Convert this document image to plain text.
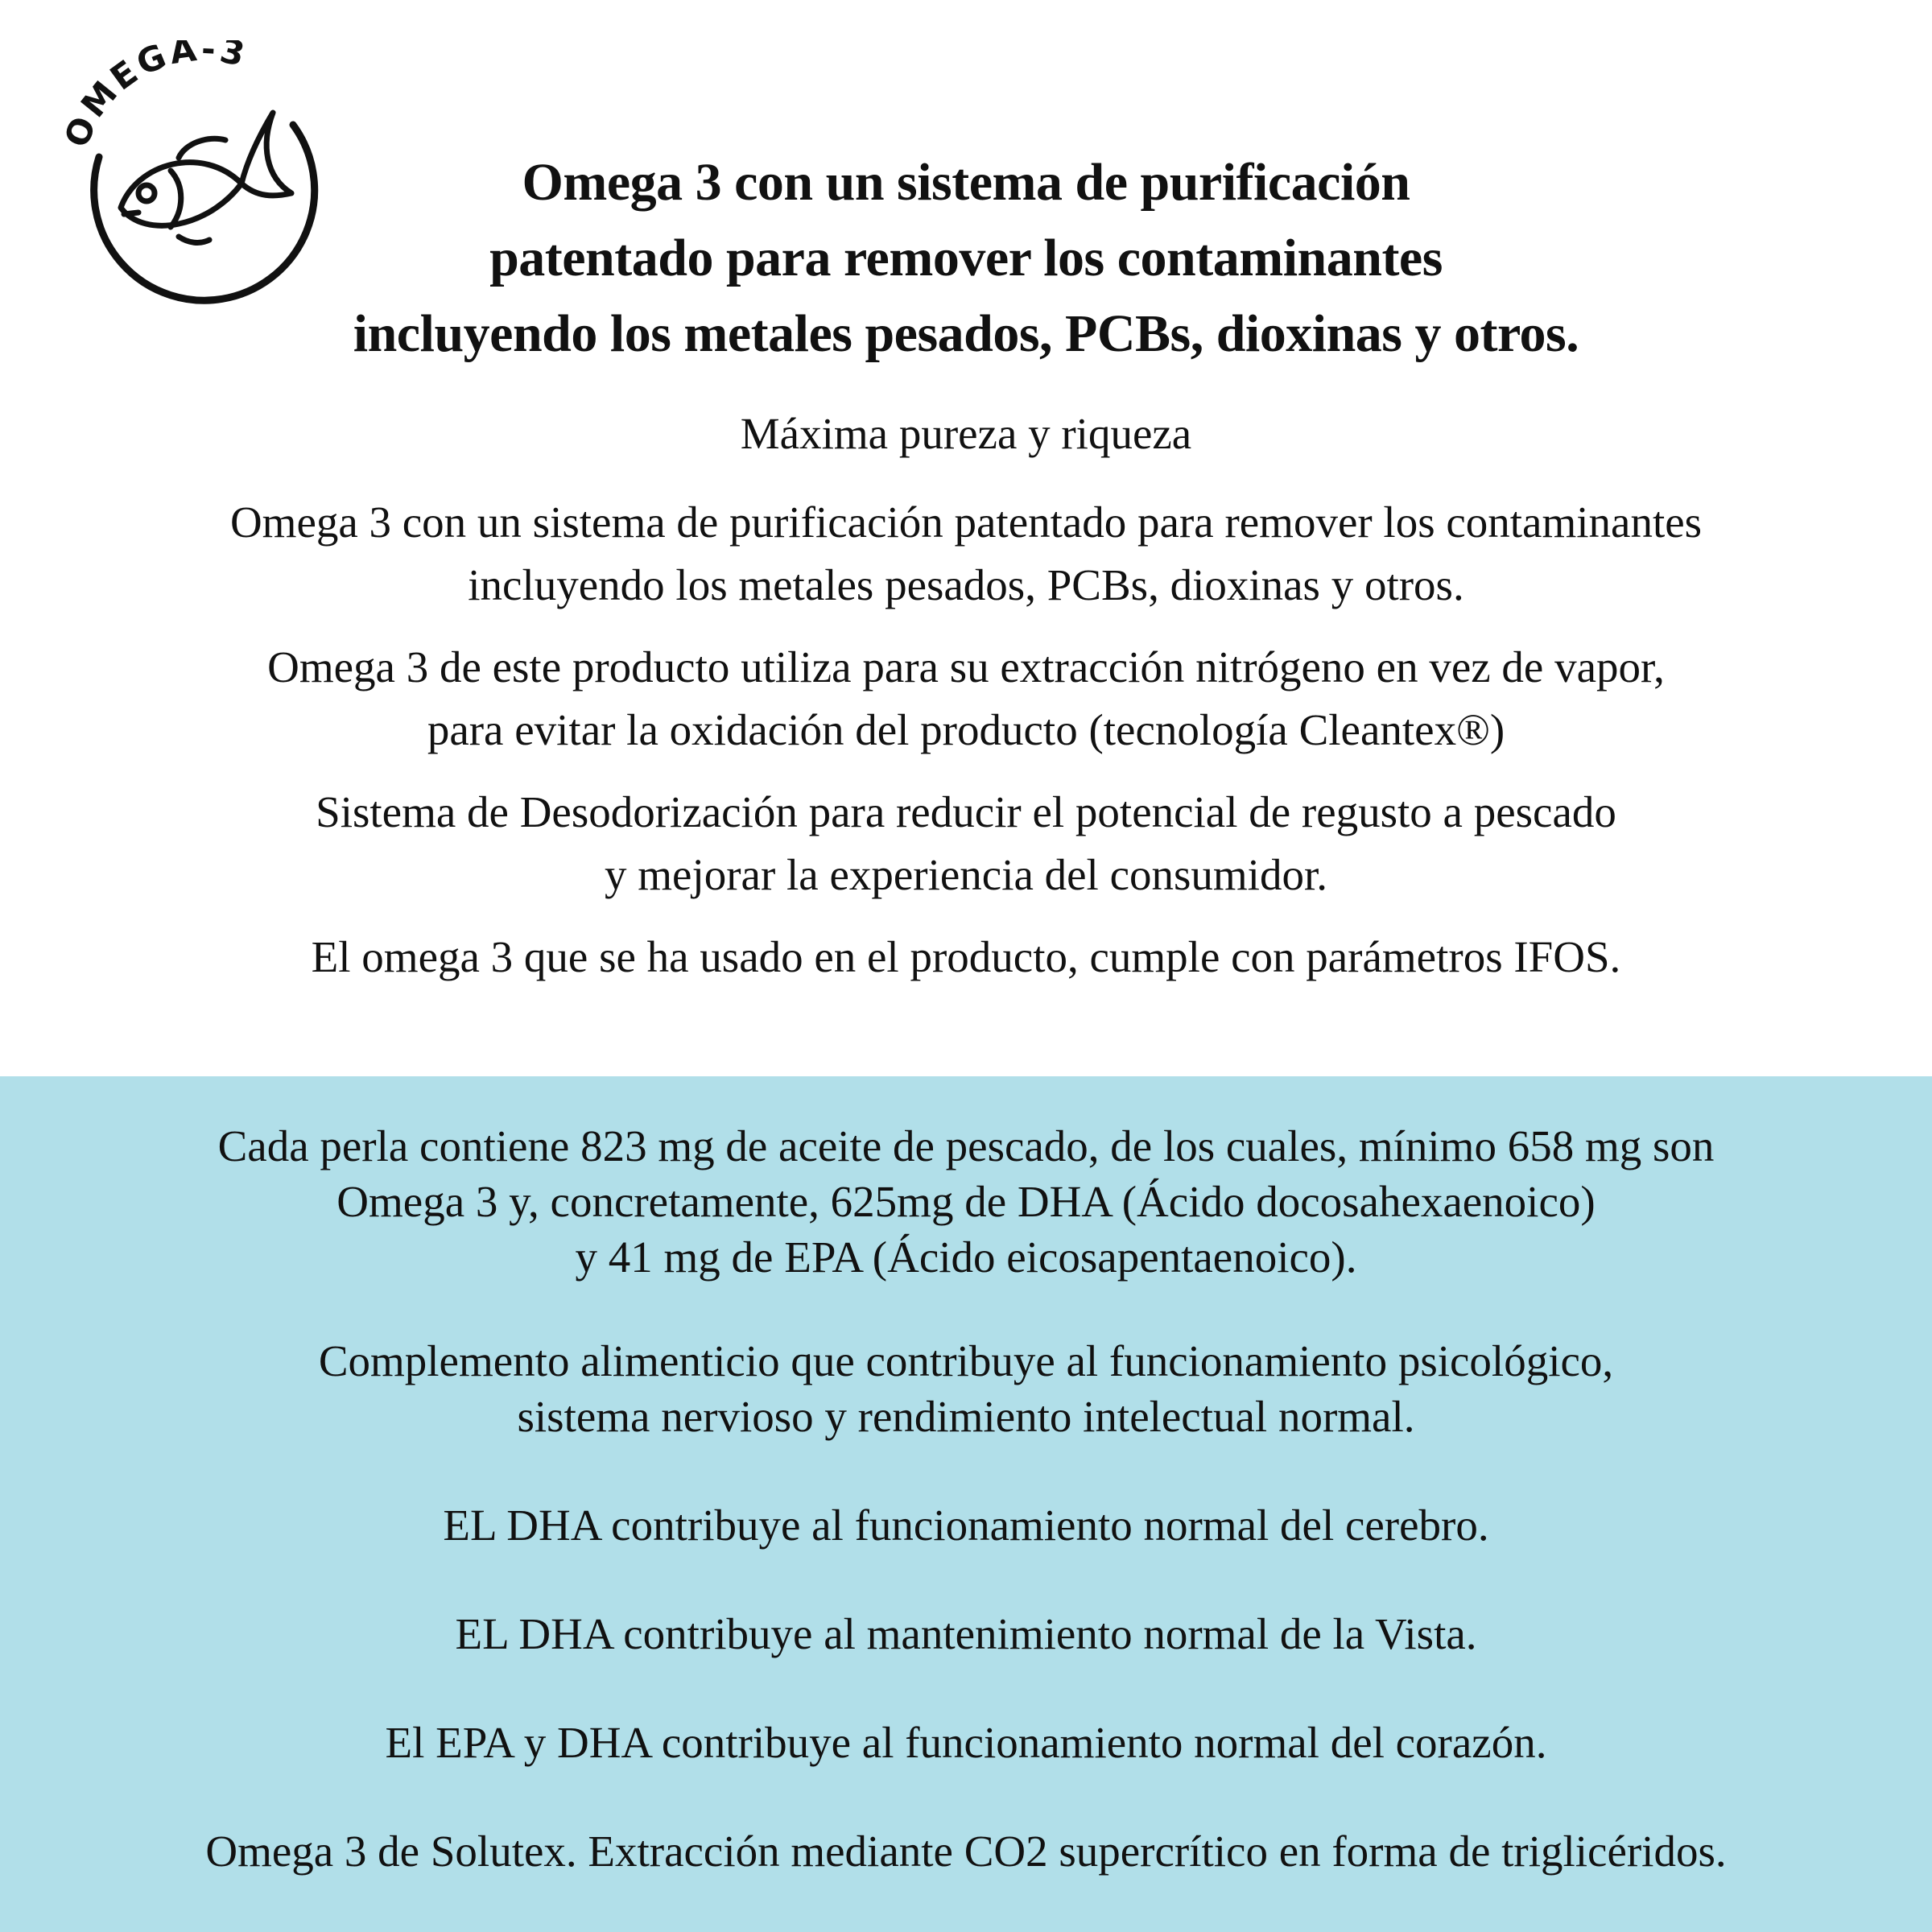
OMEGA-3
Omega 3 con un sistema de purificación
patentado para remover los contaminantes
incluyendo los metales pesados, PCBs, dioxinas y otros.
Máxima pureza y riqueza
Omega 3 con un sistema de purificación patentado para remover los contaminantes
incluyendo los metales pesados, PCBs, dioxinas y otros.
Omega 3 de este producto utiliza para su extracción nitrógeno en vez de vapor,
para evitar la oxidación del producto (tecnología Cleantex®)
Sistema de Desodorización para reducir el potencial de regusto a pescado
y mejorar la experiencia del consumidor.
El omega 3 que se ha usado en el producto, cumple con parámetros IFOS.
Cada perla contiene 823 mg de aceite de pescado, de los cuales, mínimo 658 mg son
Omega 3 y, concretamente, 625mg de DHA (Ácido docosahexaenoico)
y 41 mg de EPA (Ácido eicosapentaenoico).
Complemento alimenticio que contribuye al funcionamiento psicológico,
sistema nervioso y rendimiento intelectual normal.
EL DHA contribuye al funcionamiento normal del cerebro.
EL DHA contribuye al mantenimiento normal de la Vista.
El EPA y DHA contribuye al funcionamiento normal del corazón.
Omega 3 de Solutex. Extracción mediante CO2 supercrítico en forma de triglicéridos.
